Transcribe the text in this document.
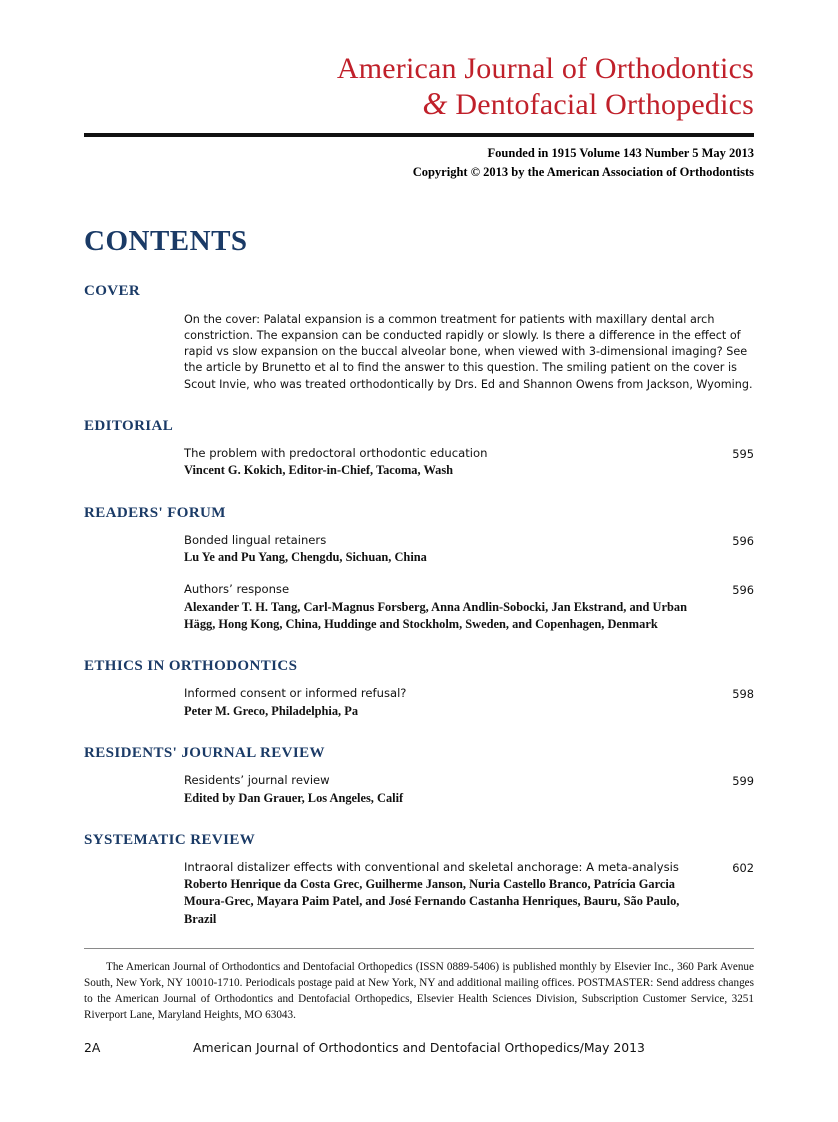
American Journal of Orthodontics
& Dentofacial Orthopedics
Founded in 1915 Volume 143 Number 5 May 2013
Copyright © 2013 by the American Association of Orthodontists
CONTENTS
COVER
On the cover: Palatal expansion is a common treatment for patients with maxillary dental arch constriction. The expansion can be conducted rapidly or slowly. Is there a difference in the effect of rapid vs slow expansion on the buccal alveolar bone, when viewed with 3-dimensional imaging? See the article by Brunetto et al to find the answer to this question. The smiling patient on the cover is Scout Invie, who was treated orthodontically by Drs. Ed and Shannon Owens from Jackson, Wyoming.
EDITORIAL
The problem with predoctoral orthodontic education
Vincent G. Kokich, Editor-in-Chief, Tacoma, Wash
595
READERS' FORUM
Bonded lingual retainers
Lu Ye and Pu Yang, Chengdu, Sichuan, China
596
Authors’ response
Alexander T. H. Tang, Carl-Magnus Forsberg, Anna Andlin-Sobocki, Jan Ekstrand, and Urban Hägg, Hong Kong, China, Huddinge and Stockholm, Sweden, and Copenhagen, Denmark
596
ETHICS IN ORTHODONTICS
Informed consent or informed refusal?
Peter M. Greco, Philadelphia, Pa
598
RESIDENTS' JOURNAL REVIEW
Residents’ journal review
Edited by Dan Grauer, Los Angeles, Calif
599
SYSTEMATIC REVIEW
Intraoral distalizer effects with conventional and skeletal anchorage: A meta-analysis
Roberto Henrique da Costa Grec, Guilherme Janson, Nuria Castello Branco, Patrícia Garcia Moura-Grec, Mayara Paim Patel, and José Fernando Castanha Henriques, Bauru, São Paulo, Brazil
602
The American Journal of Orthodontics and Dentofacial Orthopedics (ISSN 0889-5406) is published monthly by Elsevier Inc., 360 Park Avenue South, New York, NY 10010-1710. Periodicals postage paid at New York, NY and additional mailing offices. POSTMASTER: Send address changes to the American Journal of Orthodontics and Dentofacial Orthopedics, Elsevier Health Sciences Division, Subscription Customer Service, 3251 Riverport Lane, Maryland Heights, MO 63043.
2A	American Journal of Orthodontics and Dentofacial Orthopedics/May 2013
